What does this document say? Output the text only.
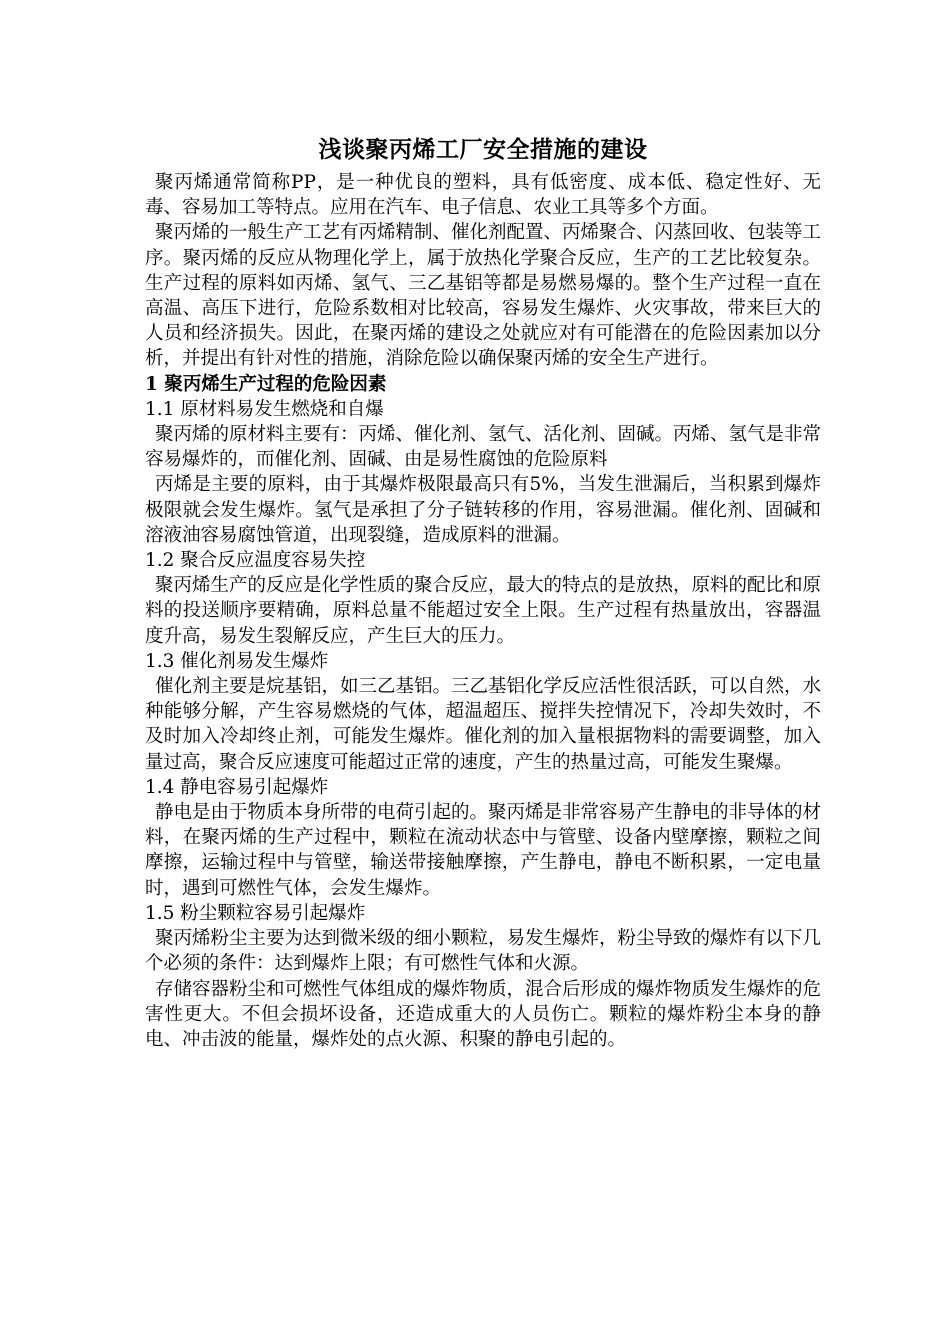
浅谈聚丙烯工厂安全措施的建设

聚丙烯通常简称PP，是一种优良的塑料，具有低密度、成本低、稳定性好、无毒、容易加工等特点。应用在汽车、电子信息、农业工具等多个方面。

聚丙烯的一般生产工艺有丙烯精制、催化剂配置、丙烯聚合、闪蒸回收、包装等工序。聚丙烯的反应从物理化学上，属于放热化学聚合反应，生产的工艺比较复杂。生产过程的原料如丙烯、氢气、三乙基铝等都是易燃易爆的。整个生产过程一直在高温、高压下进行，危险系数相对比较高，容易发生爆炸、火灾事故，带来巨大的人员和经济损失。因此，在聚丙烯的建设之处就应对有可能潜在的危险因素加以分析，并提出有针对性的措施，消除危险以确保聚丙烯的安全生产进行。

1 聚丙烯生产过程的危险因素

1.1 原材料易发生燃烧和自爆

聚丙烯的原材料主要有：丙烯、催化剂、氢气、活化剂、固碱。丙烯、氢气是非常容易爆炸的，而催化剂、固碱、由是易性腐蚀的危险原料

丙烯是主要的原料，由于其爆炸极限最高只有5%，当发生泄漏后，当积累到爆炸极限就会发生爆炸。氢气是承担了分子链转移的作用，容易泄漏。催化剂、固碱和溶液油容易腐蚀管道，出现裂缝，造成原料的泄漏。

1.2 聚合反应温度容易失控

聚丙烯生产的反应是化学性质的聚合反应，最大的特点的是放热，原料的配比和原料的投送顺序要精确，原料总量不能超过安全上限。生产过程有热量放出，容器温度升高，易发生裂解反应，产生巨大的压力。

1.3 催化剂易发生爆炸

催化剂主要是烷基铝，如三乙基铝。三乙基铝化学反应活性很活跃，可以自然，水种能够分解，产生容易燃烧的气体，超温超压、搅拌失控情况下，冷却失效时，不及时加入冷却终止剂，可能发生爆炸。催化剂的加入量根据物料的需要调整，加入量过高，聚合反应速度可能超过正常的速度，产生的热量过高，可能发生聚爆。

1.4 静电容易引起爆炸

静电是由于物质本身所带的电荷引起的。聚丙烯是非常容易产生静电的非导体的材料，在聚丙烯的生产过程中，颗粒在流动状态中与管壁、设备内壁摩擦，颗粒之间摩擦，运输过程中与管壁，输送带接触摩擦，产生静电，静电不断积累，一定电量时，遇到可燃性气体，会发生爆炸。

1.5 粉尘颗粒容易引起爆炸

聚丙烯粉尘主要为达到微米级的细小颗粒，易发生爆炸，粉尘导致的爆炸有以下几个必须的条件：达到爆炸上限；有可燃性气体和火源。

存储容器粉尘和可燃性气体组成的爆炸物质，混合后形成的爆炸物质发生爆炸的危害性更大。不但会损坏设备，还造成重大的人员伤亡。颗粒的爆炸粉尘本身的静电、冲击波的能量，爆炸处的点火源、积聚的静电引起的。
